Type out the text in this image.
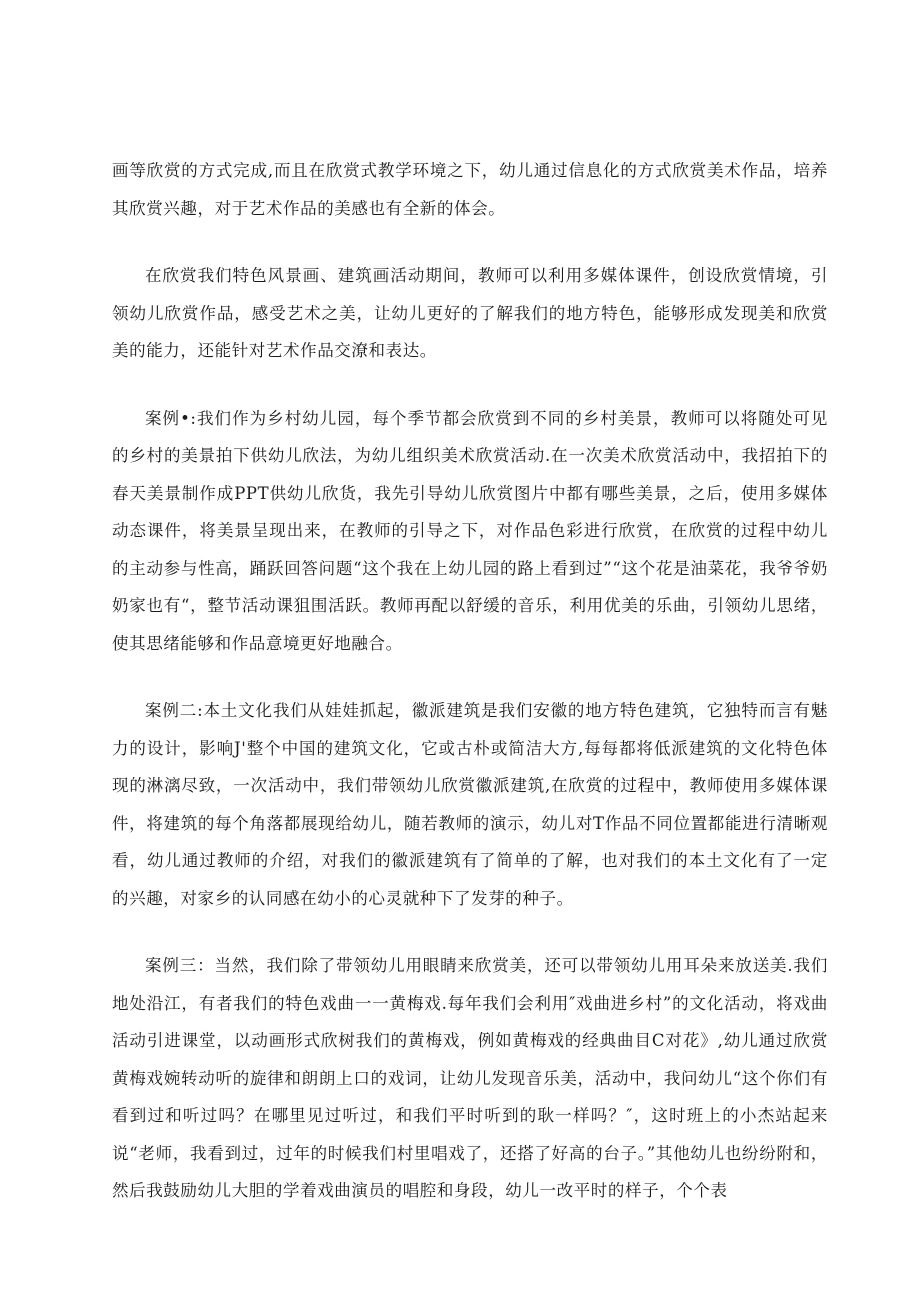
画等欣赏的方式完成,而且在欣赏式教学环境之下，幼儿通过信息化的方式欣赏美术作品，培养其欣赏兴趣，对于艺术作品的美感也有全新的体会。

在欣赏我们特色风景画、建筑画活动期间，教师可以利用多媒体课件，创设欣赏情境，引领幼儿欣赏作品，感受艺术之美，让幼儿更好的了解我们的地方特色，能够形成发现美和欣赏美的能力，还能针对艺术作品交潦和表达。

案例•:我们作为乡村幼儿园，每个季节都会欣赏到不同的乡村美景，教师可以将随处可见的乡村的美景拍下供幼儿欣法，为幼儿组织美术欣赏活动.在一次美术欣赏活动中，我招拍下的春天美景制作成PPT供幼儿欣货，我先引导幼儿欣赏图片中都有哪些美景，之后，使用多媒体动态课件，将美景呈现出来，在教师的引导之下，对作品色彩进行欣赏，在欣赏的过程中幼儿的主动参与性高，踊跃回答问题“这个我在上幼儿园的路上看到过”“这个花是油菜花，我爷爷奶奶家也有“，整节活动课狙围活跃。教师再配以舒缓的音乐，利用优美的乐曲，引领幼儿思绪，使其思绪能够和作品意境更好地融合。

案例二:本土文化我们从娃娃抓起，徽派建筑是我们安徽的地方特色建筑，它独特而言有魅力的设计，影响J'整个中国的建筑文化，它或古朴或简洁大方,每每都将低派建筑的文化特色体现的淋漓尽致，一次活动中，我们带领幼儿欣赏徽派建筑,在欣赏的过程中，教师使用多媒体课件，将建筑的每个角落都展现给幼儿，随若教师的演示，幼儿对T作品不同位置都能进行清晰观看，幼儿通过教师的介绍，对我们的徽派建筑有了简单的了解，也对我们的本土文化有了一定的兴趣，对家乡的认同感在幼小的心灵就种下了发芽的种子。

案例三：当然，我们除了带领幼儿用眼睛来欣赏美，还可以带领幼儿用耳朵来放送美.我们地处沿江，有者我们的特色戏曲一一黄梅戏.每年我们会利用″戏曲进乡村”的文化活动，将戏曲活动引进课堂，以动画形式欣树我们的黄梅戏，例如黄梅戏的经典曲目C对花》,幼儿通过欣赏黄梅戏婉转动听的旋律和朗朗上口的戏词，让幼儿发现音乐美，活动中，我问幼儿“这个你们有看到过和听过吗？在哪里见过听过，和我们平时听到的耿一样吗？″，这时班上的小杰站起来说“老师，我看到过，过年的时候我们村里唱戏了，还搭了好高的台子。”其他幼儿也纷纷附和，然后我鼓励幼儿大胆的学着戏曲演员的唱腔和身段，幼儿一改平时的样子，个个表
